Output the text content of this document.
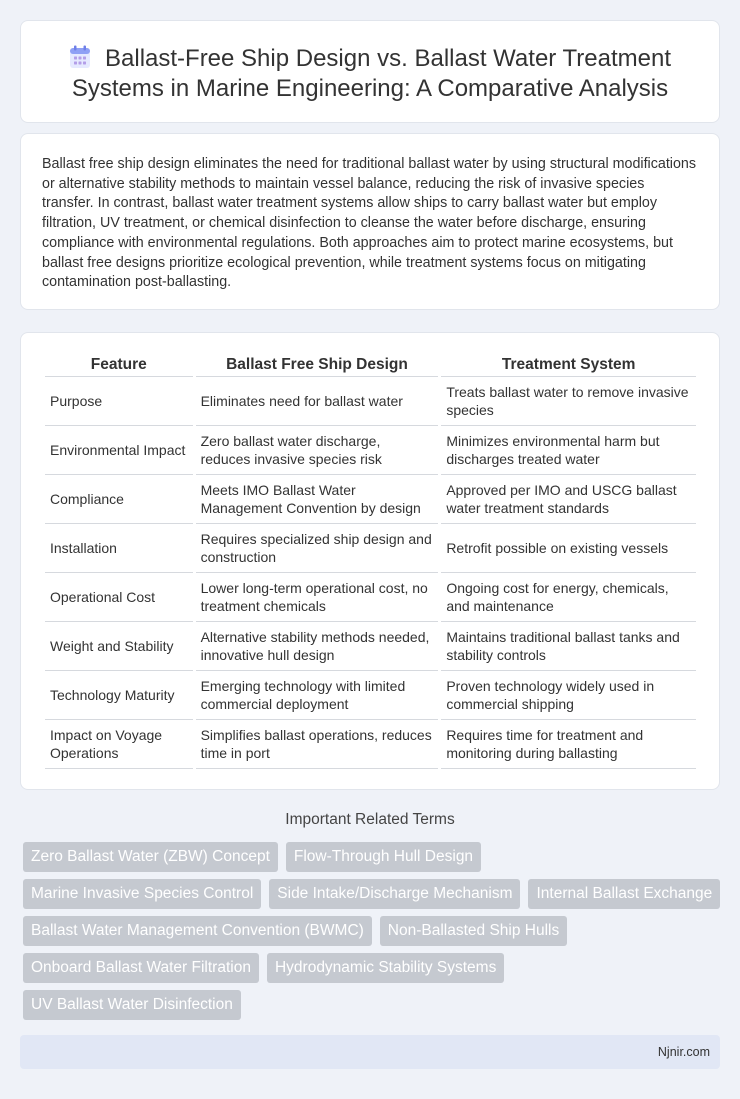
Ballast-Free Ship Design vs. Ballast Water Treatment Systems in Marine Engineering: A Comparative Analysis

Ballast free ship design eliminates the need for traditional ballast water by using structural modifications or alternative stability methods to maintain vessel balance, reducing the risk of invasive species transfer. In contrast, ballast water treatment systems allow ships to carry ballast water but employ filtration, UV treatment, or chemical disinfection to cleanse the water before discharge, ensuring compliance with environmental regulations. Both approaches aim to protect marine ecosystems, but ballast free designs prioritize ecological prevention, while treatment systems focus on mitigating contamination post-ballasting.

Feature	Ballast Free Ship Design	Treatment System
Purpose	Eliminates need for ballast water	Treats ballast water to remove invasive species
Environmental Impact	Zero ballast water discharge, reduces invasive species risk	Minimizes environmental harm but discharges treated water
Compliance	Meets IMO Ballast Water Management Convention by design	Approved per IMO and USCG ballast water treatment standards
Installation	Requires specialized ship design and construction	Retrofit possible on existing vessels
Operational Cost	Lower long-term operational cost, no treatment chemicals	Ongoing cost for energy, chemicals, and maintenance
Weight and Stability	Alternative stability methods needed, innovative hull design	Maintains traditional ballast tanks and stability controls
Technology Maturity	Emerging technology with limited commercial deployment	Proven technology widely used in commercial shipping
Impact on Voyage Operations	Simplifies ballast operations, reduces time in port	Requires time for treatment and monitoring during ballasting
Important Related Terms
Zero Ballast Water (ZBW) Concept	Flow-Through Hull Design
Marine Invasive Species Control	Side Intake/Discharge Mechanism	Internal Ballast Exchange
Ballast Water Management Convention (BWMC)	Non-Ballasted Ship Hulls
Onboard Ballast Water Filtration	Hydrodynamic Stability Systems
UV Ballast Water Disinfection
Njnir.com
